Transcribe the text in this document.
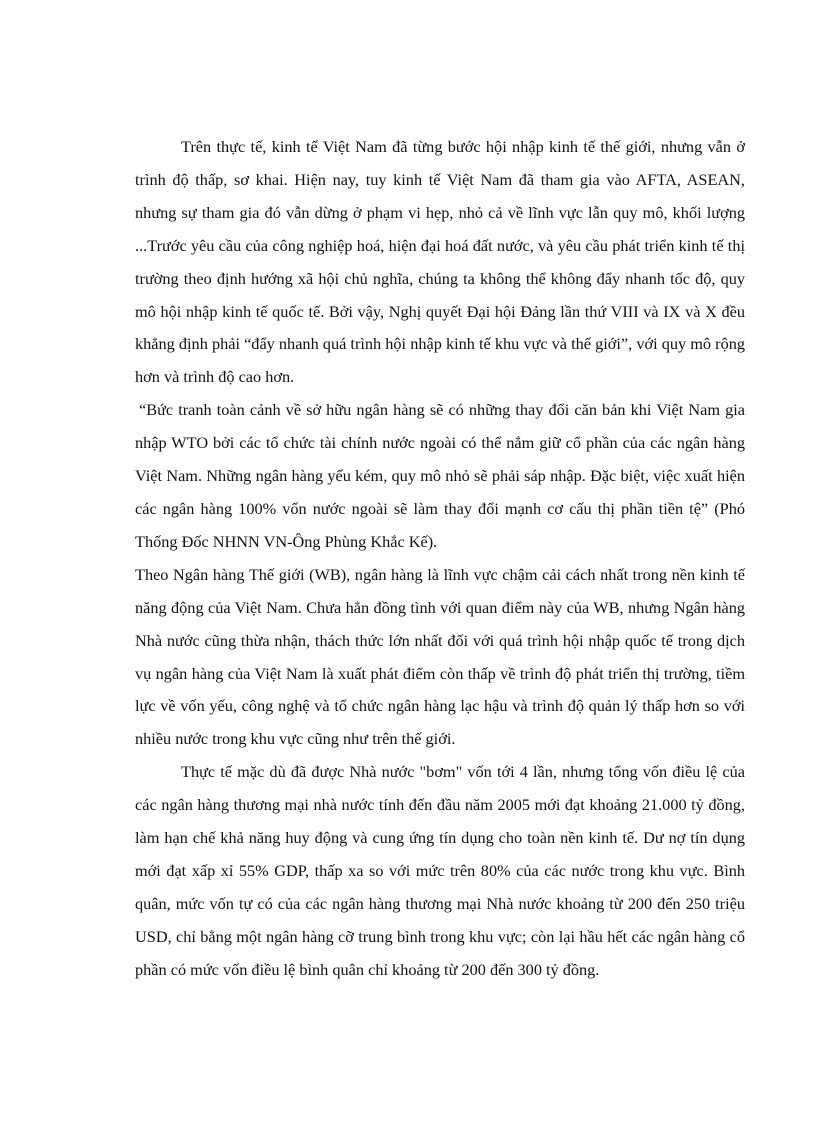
Trên thực tế, kinh tế Việt Nam đã từng bước hội nhập kinh tế thế giới, nhưng vẫn ở trình độ thấp, sơ khai. Hiện nay, tuy kinh tế Việt Nam đã tham gia vào AFTA, ASEAN, nhưng sự tham gia đó vẫn dừng ở phạm vi hẹp, nhỏ cả về lĩnh vực lẫn quy mô, khối lượng ...Trước yêu cầu của công nghiệp hoá, hiện đại hoá đất nước, và yêu cầu phát triển kinh tế thị trường theo định hướng xã hội chủ nghĩa, chúng ta không thể không đẩy nhanh tốc độ, quy mô hội nhập kinh tế quốc tế. Bởi vậy, Nghị quyết Đại hội Đảng lần thứ VIII và IX và X đều khẳng định phải “đẩy nhanh quá trình hội nhập kinh tế khu vực và thế giới”, với quy mô rộng hơn và trình độ cao hơn.

“Bức tranh toàn cảnh về sở hữu ngân hàng sẽ có những thay đổi căn bản khi Việt Nam gia nhập WTO bởi các tổ chức tài chính nước ngoài có thể nắm giữ cổ phần của các ngân hàng Việt Nam. Những ngân hàng yếu kém, quy mô nhỏ sẽ phải sáp nhập. Đặc biệt, việc xuất hiện các ngân hàng 100% vốn nước ngoài sẽ làm thay đổi mạnh cơ cấu thị phần tiền tệ” (Phó Thống Đốc NHNN VN-Ông Phùng Khắc Kế).

Theo Ngân hàng Thế giới (WB), ngân hàng là lĩnh vực chậm cải cách nhất trong nền kinh tế năng động của Việt Nam. Chưa hẳn đồng tình với quan điểm này của WB, nhưng Ngân hàng Nhà nước cũng thừa nhận, thách thức lớn nhất đối với quá trình hội nhập quốc tế trong dịch vụ ngân hàng của Việt Nam là xuất phát điểm còn thấp về trình độ phát triển thị trường, tiềm lực về vốn yếu, công nghệ và tổ chức ngân hàng lạc hậu và trình độ quản lý thấp hơn so với nhiều nước trong khu vực cũng như trên thế giới.

Thực tế mặc dù đã được Nhà nước "bơm" vốn tới 4 lần, nhưng tổng vốn điều lệ của các ngân hàng thương mại nhà nước tính đến đầu năm 2005 mới đạt khoảng 21.000 tỷ đồng, làm hạn chế khả năng huy động và cung ứng tín dụng cho toàn nền kinh tế. Dư nợ tín dụng mới đạt xấp xỉ 55% GDP, thấp xa so với mức trên 80% của các nước trong khu vực. Bình quân, mức vốn tự có của các ngân hàng thương mại Nhà nước khoảng từ 200 đến 250 triệu USD, chỉ bằng một ngân hàng cỡ trung bình trong khu vực; còn lại hầu hết các ngân hàng cổ phần có mức vốn điều lệ bình quân chỉ khoảng từ 200 đến 300 tỷ đồng.
